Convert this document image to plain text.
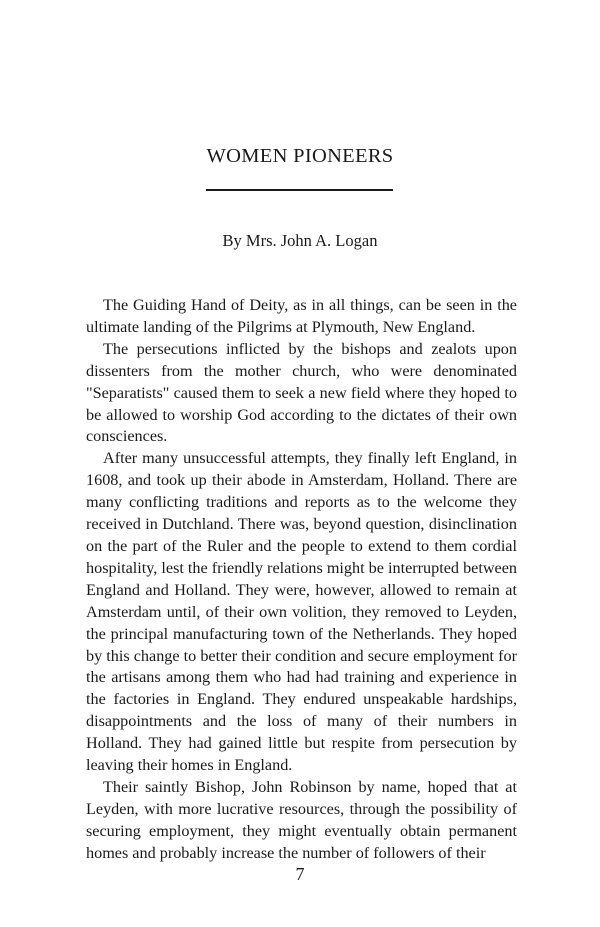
WOMEN PIONEERS
By Mrs. John A. Logan

The Guiding Hand of Deity, as in all things, can be seen in the ultimate landing of the Pilgrims at Plymouth, New England.

The persecutions inflicted by the bishops and zealots upon dissenters from the mother church, who were denominated "Separatists" caused them to seek a new field where they hoped to be allowed to worship God according to the dictates of their own consciences.

After many unsuccessful attempts, they finally left England, in 1608, and took up their abode in Amsterdam, Holland. There are many conflicting traditions and reports as to the welcome they received in Dutchland. There was, beyond question, disinclination on the part of the Ruler and the people to extend to them cordial hospitality, lest the friendly relations might be interrupted between England and Holland. They were, however, allowed to remain at Amsterdam until, of their own volition, they removed to Leyden, the principal manufacturing town of the Netherlands. They hoped by this change to better their condition and secure employment for the artisans among them who had had training and experience in the factories in England. They endured unspeakable hardships, disappointments and the loss of many of their numbers in Holland. They had gained little but respite from persecution by leaving their homes in England.

Their saintly Bishop, John Robinson by name, hoped that at Leyden, with more lucrative resources, through the possibility of securing employment, they might eventually obtain permanent homes and probably increase the number of followers of their

7
